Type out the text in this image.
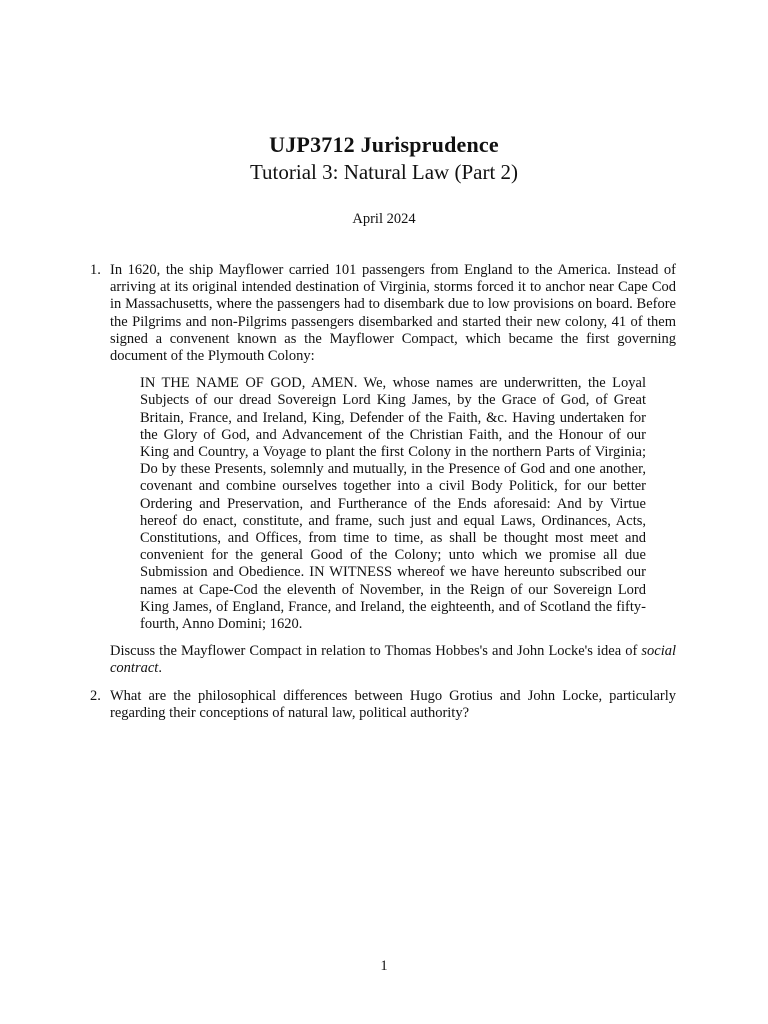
UJP3712 Jurisprudence
Tutorial 3: Natural Law (Part 2)
April 2024
1. In 1620, the ship Mayflower carried 101 passengers from England to the America. Instead of arriving at its original intended destination of Virginia, storms forced it to anchor near Cape Cod in Massachusetts, where the passengers had to disembark due to low provisions on board. Before the Pilgrims and non-Pilgrims passengers disembarked and started their new colony, 41 of them signed a convenent known as the Mayflower Compact, which became the first governing document of the Plymouth Colony:
IN THE NAME OF GOD, AMEN. We, whose names are underwritten, the Loyal Subjects of our dread Sovereign Lord King James, by the Grace of God, of Great Britain, France, and Ireland, King, Defender of the Faith, &c. Having undertaken for the Glory of God, and Advancement of the Christian Faith, and the Honour of our King and Country, a Voyage to plant the first Colony in the northern Parts of Virginia; Do by these Presents, solemnly and mutually, in the Presence of God and one another, covenant and combine ourselves together into a civil Body Politick, for our better Ordering and Preservation, and Furtherance of the Ends aforesaid: And by Virtue hereof do enact, constitute, and frame, such just and equal Laws, Ordinances, Acts, Constitutions, and Offices, from time to time, as shall be thought most meet and convenient for the general Good of the Colony; unto which we promise all due Submission and Obedience. IN WITNESS whereof we have hereunto subscribed our names at Cape-Cod the eleventh of November, in the Reign of our Sovereign Lord King James, of England, France, and Ireland, the eighteenth, and of Scotland the fifty-fourth, Anno Domini; 1620.
Discuss the Mayflower Compact in relation to Thomas Hobbes's and John Locke's idea of social contract.
2. What are the philosophical differences between Hugo Grotius and John Locke, particularly regarding their conceptions of natural law, political authority?
1
